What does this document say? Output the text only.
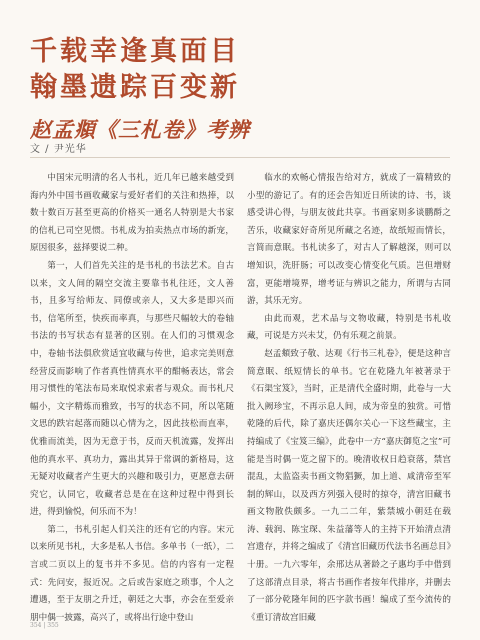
千载幸逢真面目
翰墨遗踪百变新
赵孟頫《三札卷》考辨
文 / 尹光华

中国宋元明清的名人书札，近几年已越来越受到海内外中国书画收藏家与爱好者们的关注和热捧，以数十数百万甚至更高的价格买一通名人特别是大书家的信札已司空见惯。书札成为拍卖热点市场的新宠，原因很多，兹择要说二种。

第一，人们首先关注的是书札的书法艺术。自古以来，文人间的隔空交流主要靠书札往还，文人善书，且多写给师友、同僚或亲人，又大多是即兴而书，信笔所至，快疾而率真，与那些尺幅较大的卷轴书法的书写状态有显著的区别。在人们的习惯观念中，卷轴书法俱欣赏适宜收藏与传世，追求完美则意经营反而影响了作者真性情真水平的酣畅表达，常会用习惯性的笔法布局来取悦求索者与观众。而书札尺幅小，文字精炼而雅致，书写的状态不同，所以笔随文思的跌宕起落而随以心情为之，因此技松而直率，优雅而流美，因为无意于书，反而天机流露，发挥出他的真水平、真功力，露出其异于常调的新格局，这无疑对收藏者产生更大的兴趣和吸引力，更愿意去研究它，认同它，收藏者总是在在这种过程中得到长进，得到愉悦，何乐而不为！

第二，书札引起人们关注的还有它的内容。宋元以来所见书札，大多是私人书信。多单书（一纸），二言或二页以上的复书并不多见。信的内容有一定程式：先问安，报近况。之后或告家庭之琐事，个人之遭遇，至于友朋之升迁，朝廷之大事，亦会在至爱亲朋中偶一披露，高兴了，或将出行途中登山

临水的欢畅心情报告给对方，就成了一篇精致的小型的游记了。有的还会告知近日所读的诗、书，谈感受讲心得，与朋友彼此共享。书画家则多谈鹏酹之苦乐，收藏家好奇所见所藏之名迹，故纸短而情长，言简而意眠。书札读多了，对古人了解越深，则可以增知识，洗肝肠；可以改变心情变化气质。岂但增财富，更能增境界，增考证与辨识之能力，所谓与古同游，其乐无穷。

由此而观，艺术品与文物收藏，特别是书札收藏，可说是方兴未艾，仍有乐观之前景。

赵孟頫致子敬、达观《行书三札卷》，便是这种言简意眠、纸短情长的单书。它在乾隆九年被著录于《石渠宝笈》，当时，正是清代全盛时期，此卷与一大批入阙珍宝，不再示息人间，成为帝皇的独赏。可惜乾隆的后代，除了嘉庆还偶尔关心一下这些藏宝，主持编成了《宝笈三编》，此卷中一方“嘉庆御览之宝”可能是当时偶一览之留下的。晚清收权日趋衰落，禁宫混乱，太监盗卖书画文物猖獗，加上道、咸清帝至军制的辉山，以及西方列强入侵时的掠夺，清宫旧藏书画文物散佚颇多。一九二二年，紫禁城小朝廷在载涛、载润、陈宝琛、朱益藩等人的主持下开始清点清宫遗存，并将之编成了《清宫旧藏历代法书名画总目》十册。一九六零年，余邢达从著龄之子惠均手中借到了这部清点目录，将古书画作者按年代排序，并删去了一部分乾隆年间的匹字款书画！编成了至今流传的《重订清故宫旧藏

354 | 355
